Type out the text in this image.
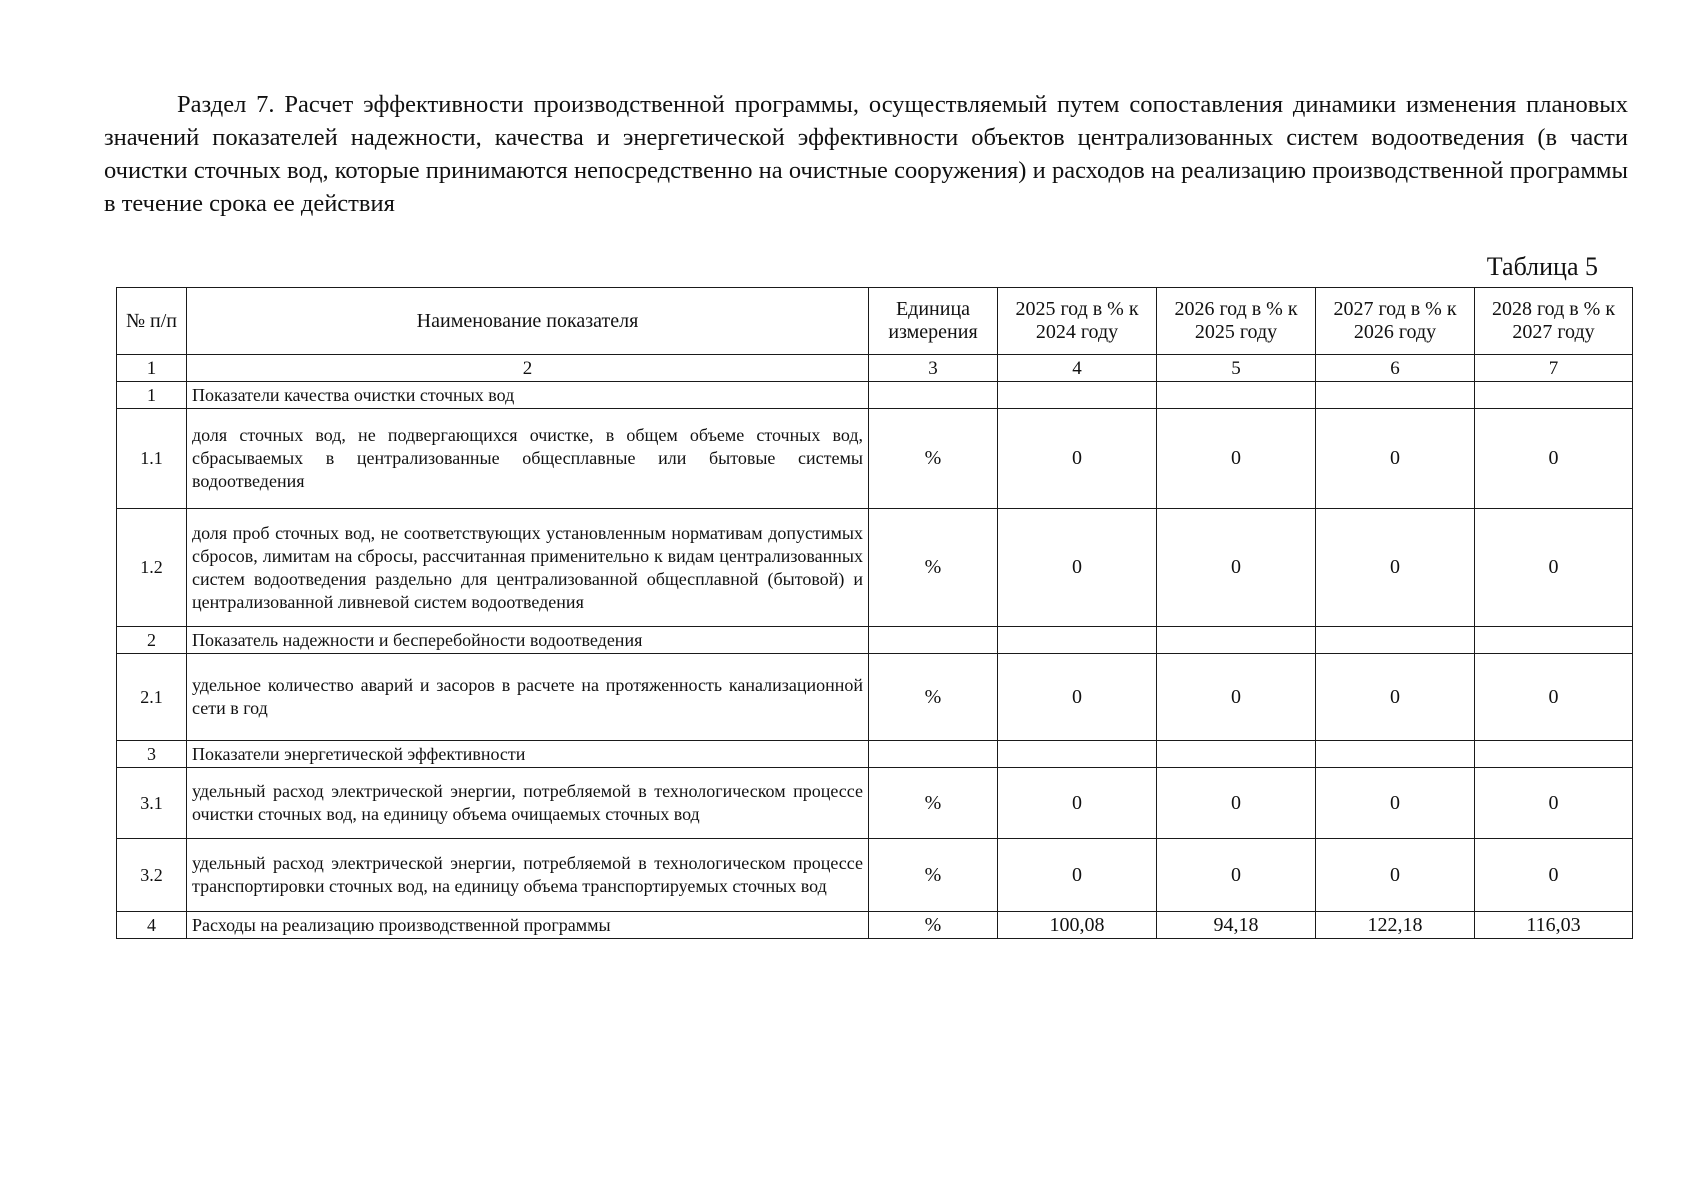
Раздел 7. Расчет эффективности производственной программы, осуществляемый путем сопоставления динамики изменения плановых значений показателей надежности, качества и энергетической эффективности объектов централизованных систем водоотведения (в части очистки сточных вод, которые принимаются непосредственно на очистные сооружения) и расходов на реализацию производственной программы в течение срока ее действия

Таблица 5
№ п/п	Наименование показателя	Единица измерения	2025 год в % к 2024 году	2026 год в % к 2025 году	2027 год в % к 2026 году	2028 год в % к 2027 году
1	2	3	4	5	6	7
1	Показатели качества очистки сточных вод					
1.1	доля сточных вод, не подвергающихся очистке, в общем объеме сточных вод, сбрасываемых в централизованные общесплавные или бытовые системы водоотведения	%	0	0	0	0
1.2	доля проб сточных вод, не соответствующих установленным нормативам допустимых сбросов, лимитам на сбросы, рассчитанная применительно к видам централизованных систем водоотведения раздельно для централизованной общесплавной (бытовой) и централизованной ливневой систем водоотведения	%	0	0	0	0
2	Показатель надежности и бесперебойности водоотведения					
2.1	удельное количество аварий и засоров в расчете на протяженность канализационной сети в год	%	0	0	0	0
3	Показатели энергетической эффективности					
3.1	удельный расход электрической энергии, потребляемой в технологическом процессе очистки сточных вод, на единицу объема очищаемых сточных вод	%	0	0	0	0
3.2	удельный расход электрической энергии, потребляемой в технологическом процессе транспортировки сточных вод, на единицу объема транспортируемых сточных вод	%	0	0	0	0
4	Расходы на реализацию производственной программы	%	100,08	94,18	122,18	116,03
